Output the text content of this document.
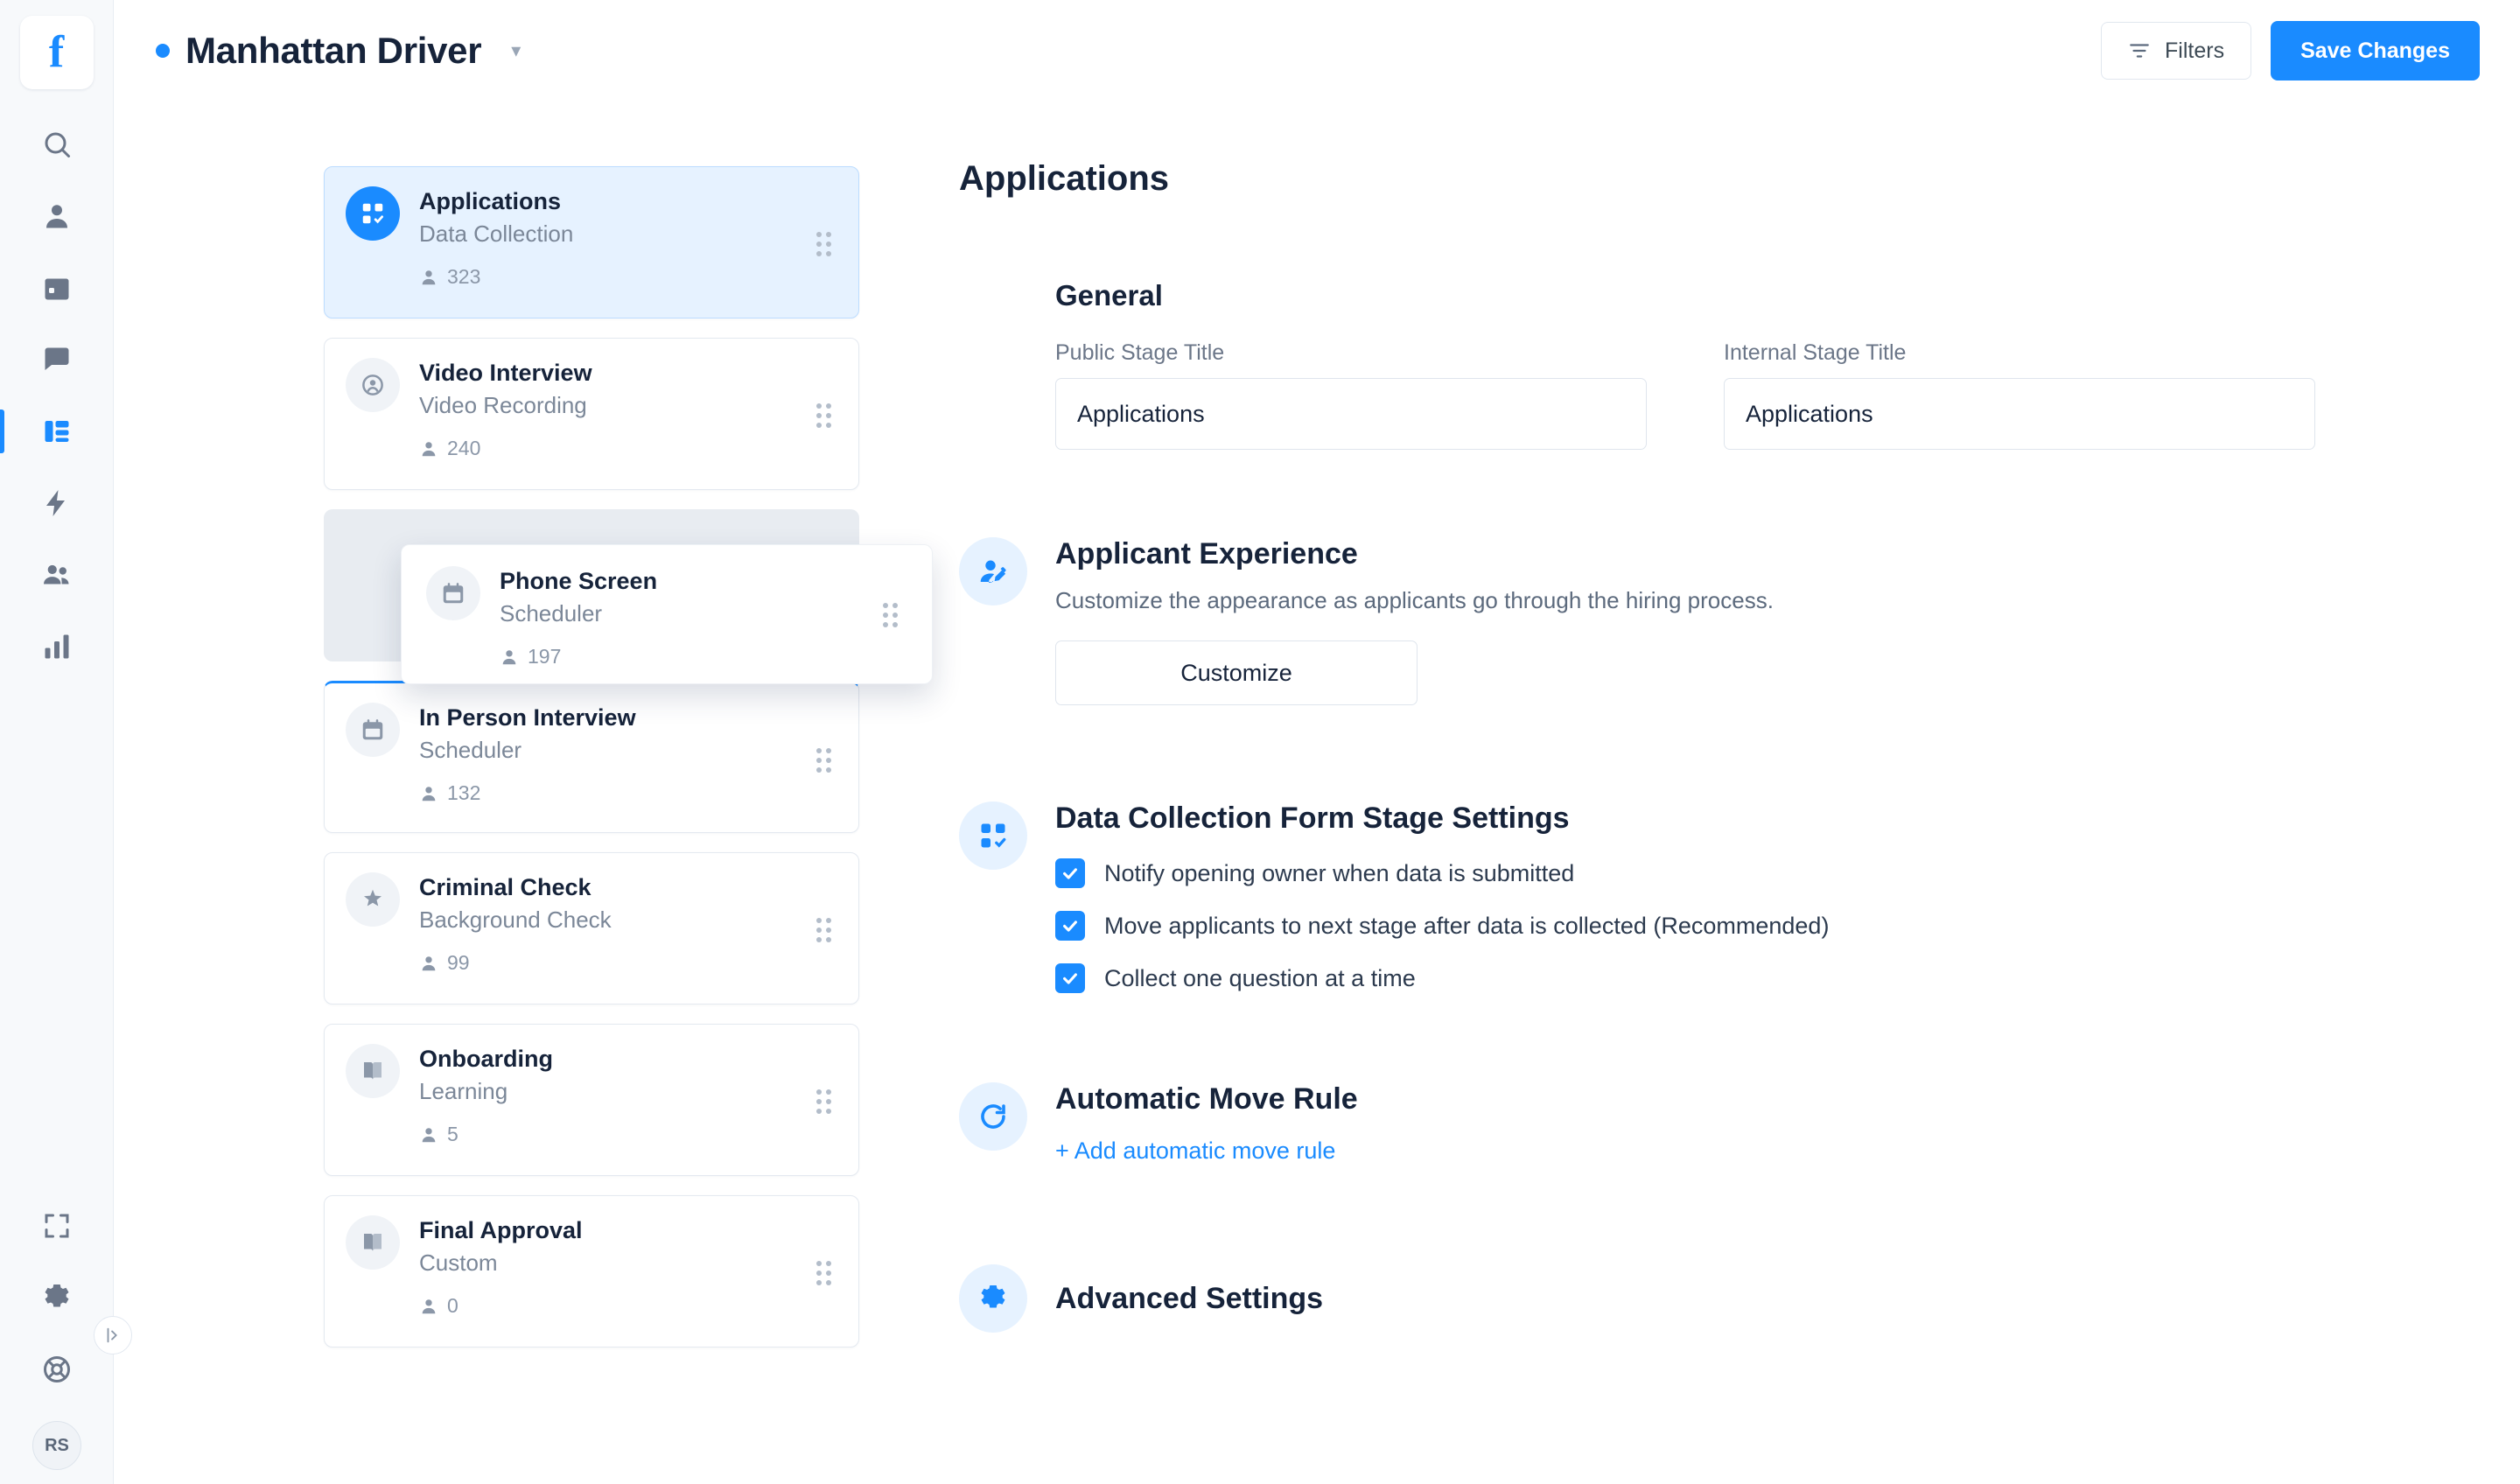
f
RS
Manhattan Driver ▾	Filters	Save Changes
Applications
Data Collection
323
Video Interview
Video Recording
240
In Person Interview
Scheduler
132
Criminal Check
Background Check
99
Onboarding
Learning
5
Final Approval
Custom
0
Applications
General
Public Stage Title
Applications	Internal Stage Title
Applications
Applicant Experience
Customize the appearance as applicants go through the hiring process.
Customize
Data Collection Form Stage Settings
Notify opening owner when data is submitted
Move applicants to next stage after data is collected (Recommended)
Collect one question at a time
Automatic Move Rule
+ Add automatic move rule
Advanced Settings
Phone Screen
Scheduler
197
